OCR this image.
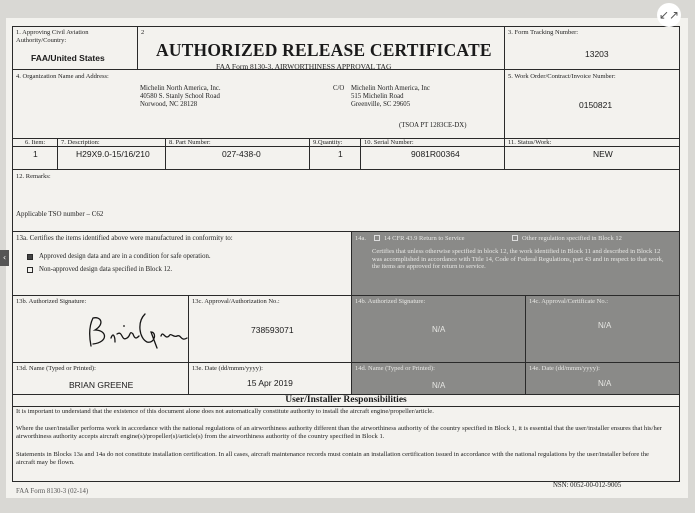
1. Approving Civil Aviation Authority/Country:
FAA/United States
2
AUTHORIZED RELEASE CERTIFICATE
FAA Form 8130-3, AIRWORTHINESS APPROVAL TAG
3. Form Tracking Number:
13203
4. Organization Name and Address:
Michelin North America, Inc.
40580 S. Stanly School Road
Norwood, NC 28128
C/O Michelin North America, Inc
515 Michelin Road
Greenville, SC 29605
(TSOA PT 1283CE-DX)
5. Work Order/Contract/Invoice Number:
0150821
6. Item: 7. Description:	8. Part Number:	9.Quantity:	10. Serial Number:	11. Status/Work:
1	H29X9.0-15/16/210	027-438-0	1	9081R00364	NEW
12. Remarks:
Applicable TSO number – C62
13a. Certifies the items identified above were manufactured in conformity to:
Approved design data and are in a condition for safe operation.
Non-approved design data specified in Block 12.
14a.	14 CFR 43.9 Return to Service	Other regulation specified in Block 12
Certifies that unless otherwise specified in block 12, the work identified in Block 11 and described in Block 12 was accomplished in accordance with Title 14, Code of Federal Regulations, part 43 and in respect to that work, the items are approved for return to service.
13b. Authorized Signature:	13c. Approval/Authorization No.:
738593071
14b. Authorized Signature:
N/A
14c. Approval/Certificate No.:
N/A
13d. Name (Typed or Printed):
BRIAN GREENE
13e. Date (dd/mmm/yyyy):
15 Apr 2019
14d. Name (Typed or Printed):
N/A
14e. Date (dd/mmm/yyyy):
N/A
User/Installer Responsibilities
It is important to understand that the existence of this document alone does not automatically constitute authority to install the aircraft engine/propeller/article.
Where the user/installer performs work in accordance with the national regulations of an airworthiness authority different than the airworthiness authority of the country specified in Block 1, it is essential that the user/installer ensures that his/her airworthiness authority accepts aircraft engine(s)/propeller(s)/article(s) from the airworthiness authority of the country specified in Block 1.
Statements in Blocks 13a and 14a do not constitute installation certification. In all cases, aircraft maintenance records must contain an installation certification issued in accordance with the national regulations by the user/installer before the aircraft may be flown.
FAA Form 8130-3 (02-14)
NSN: 0052-00-012-9005
↙↗
‹
